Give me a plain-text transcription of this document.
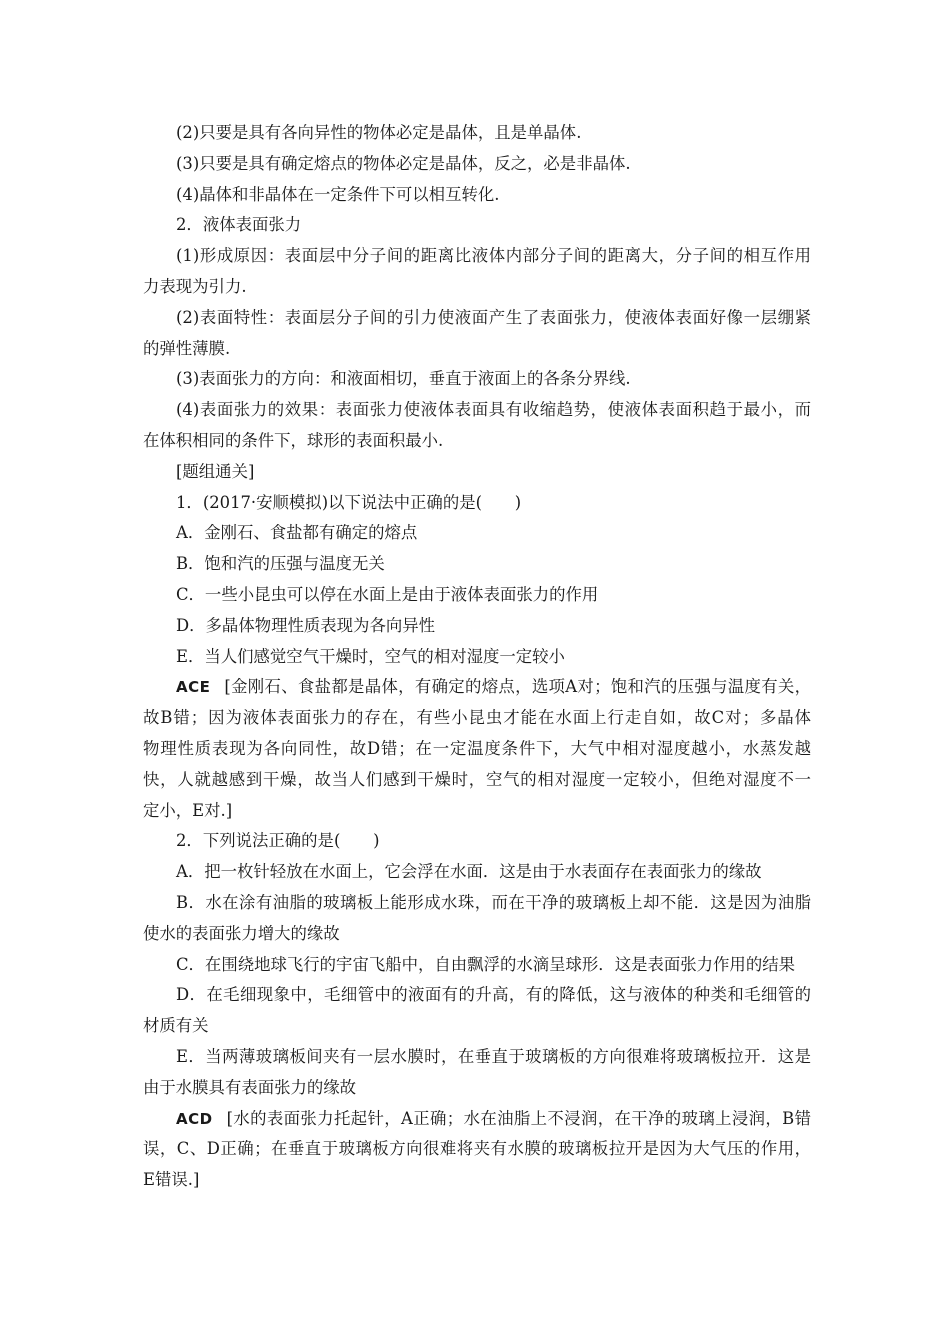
(2)只要是具有各向异性的物体必定是晶体，且是单晶体.
(3)只要是具有确定熔点的物体必定是晶体，反之，必是非晶体.
(4)晶体和非晶体在一定条件下可以相互转化.
2．液体表面张力
(1)形成原因：表面层中分子间的距离比液体内部分子间的距离大，分子间的相互作用
力表现为引力.
(2)表面特性：表面层分子间的引力使液面产生了表面张力，使液体表面好像一层绷紧
的弹性薄膜.
(3)表面张力的方向：和液面相切，垂直于液面上的各条分界线.
(4)表面张力的效果：表面张力使液体表面具有收缩趋势，使液体表面积趋于最小，而
在体积相同的条件下，球形的表面积最小.
[题组通关]
1．(2017·安顺模拟)以下说法中正确的是(　　)
A．金刚石、食盐都有确定的熔点
B．饱和汽的压强与温度无关
C．一些小昆虫可以停在水面上是由于液体表面张力的作用
D．多晶体物理性质表现为各向异性
E．当人们感觉空气干燥时，空气的相对湿度一定较小
ACE [金刚石、食盐都是晶体，有确定的熔点，选项A对；饱和汽的压强与温度有关，
故B错；因为液体表面张力的存在，有些小昆虫才能在水面上行走自如，故C对；多晶体
物理性质表现为各向同性，故D错；在一定温度条件下，大气中相对湿度越小，水蒸发越
快，人就越感到干燥，故当人们感到干燥时，空气的相对湿度一定较小，但绝对湿度不一
定小，E对.]
2．下列说法正确的是(　　)
A．把一枚针轻放在水面上，它会浮在水面．这是由于水表面存在表面张力的缘故
B．水在涂有油脂的玻璃板上能形成水珠，而在干净的玻璃板上却不能．这是因为油脂
使水的表面张力增大的缘故
C．在围绕地球飞行的宇宙飞船中，自由飘浮的水滴呈球形．这是表面张力作用的结果
D．在毛细现象中，毛细管中的液面有的升高，有的降低，这与液体的种类和毛细管的
材质有关
E．当两薄玻璃板间夹有一层水膜时，在垂直于玻璃板的方向很难将玻璃板拉开．这是
由于水膜具有表面张力的缘故
ACD [水的表面张力托起针，A正确；水在油脂上不浸润，在干净的玻璃上浸润，B错
误，C、D正确；在垂直于玻璃板方向很难将夹有水膜的玻璃板拉开是因为大气压的作用，
E错误.]
